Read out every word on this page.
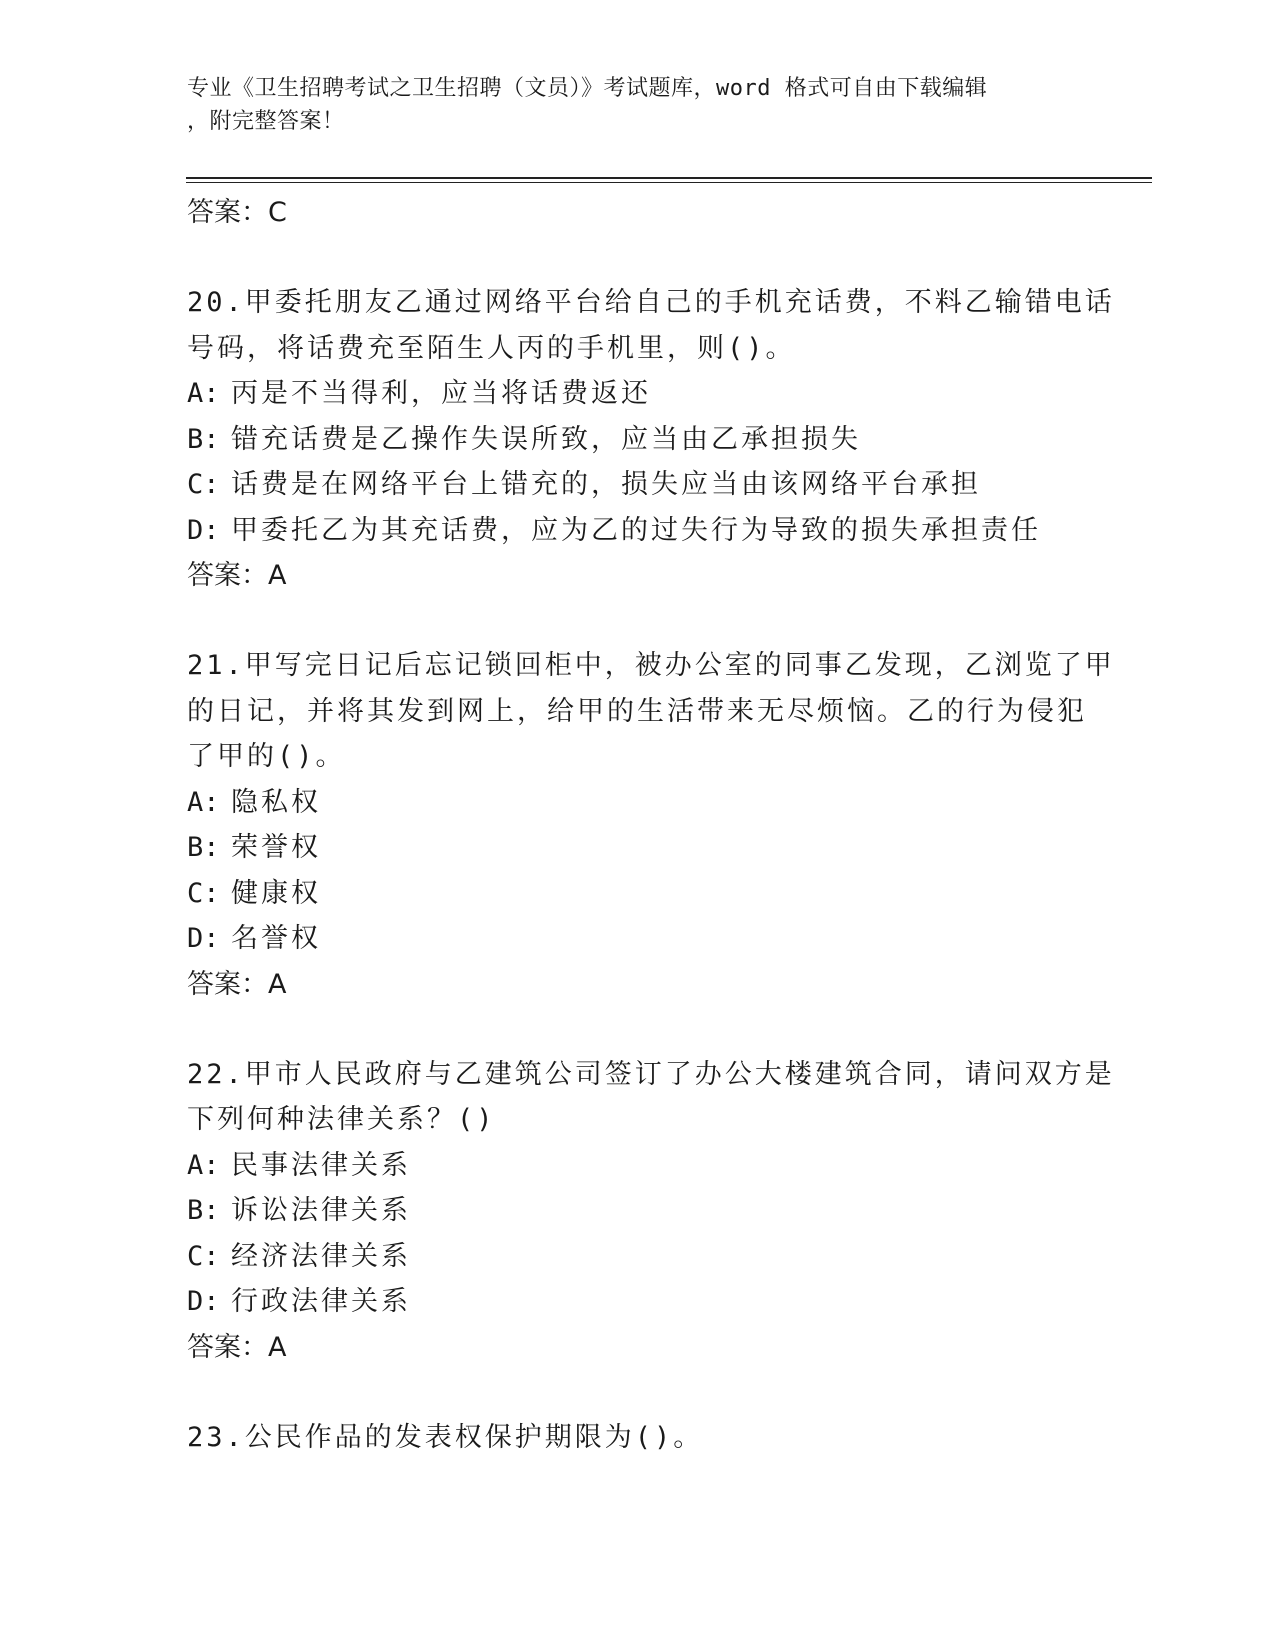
专业《卫生招聘考试之卫生招聘（文员）》考试题库，word 格式可自由下载编辑
，附完整答案！
答案：C
20.甲委托朋友乙通过网络平台给自己的手机充话费，不料乙输错电话
号码，将话费充至陌生人丙的手机里，则()。
A: 丙是不当得利，应当将话费返还
B: 错充话费是乙操作失误所致，应当由乙承担损失
C: 话费是在网络平台上错充的，损失应当由该网络平台承担
D: 甲委托乙为其充话费，应为乙的过失行为导致的损失承担责任
答案：A
21.甲写完日记后忘记锁回柜中，被办公室的同事乙发现，乙浏览了甲
的日记，并将其发到网上，给甲的生活带来无尽烦恼。乙的行为侵犯
了甲的()。
A: 隐私权
B: 荣誉权
C: 健康权
D: 名誉权
答案：A
22.甲市人民政府与乙建筑公司签订了办公大楼建筑合同，请问双方是
下列何种法律关系？()
A: 民事法律关系
B: 诉讼法律关系
C: 经济法律关系
D: 行政法律关系
答案：A
23.公民作品的发表权保护期限为()。
